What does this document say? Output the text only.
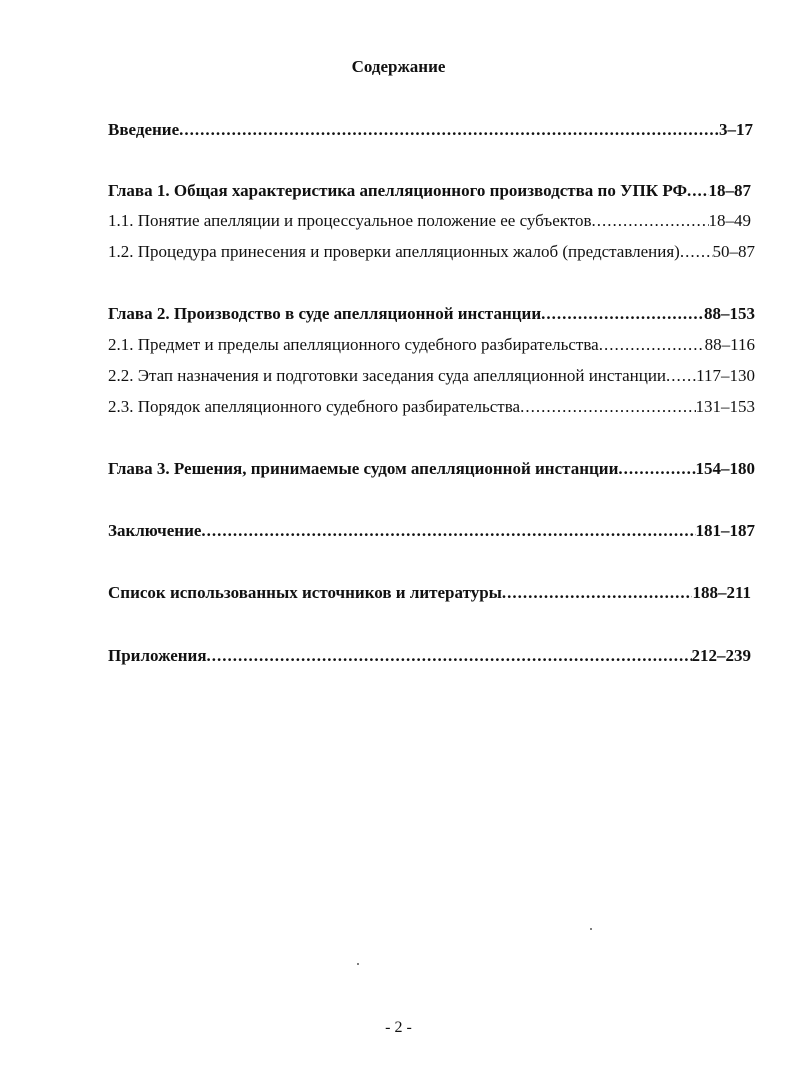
Содержание
Введение .....	3–17
Глава 1. Общая характеристика апелляционного производства по УПК РФ ..... 18–87
1.1. Понятие апелляции и процессуальное положение ее субъектов .....	18–49
1.2. Процедура принесения и проверки апелляционных жалоб (представления) ..... 50–87
Глава 2. Производство в суде апелляционной инстанции .....	88–153
2.1. Предмет и пределы апелляционного судебного разбирательства .....	88–116
2.2. Этап назначения и подготовки заседания суда апелляционной инстанции ..... 117–130
2.3. Порядок апелляционного судебного разбирательства .....	131–153
Глава 3. Решения, принимаемые судом апелляционной инстанции .....	154–180
Заключение .....	181–187
Список использованных источников и литературы .....	188–211
Приложения .....	212–239
- 2 -
